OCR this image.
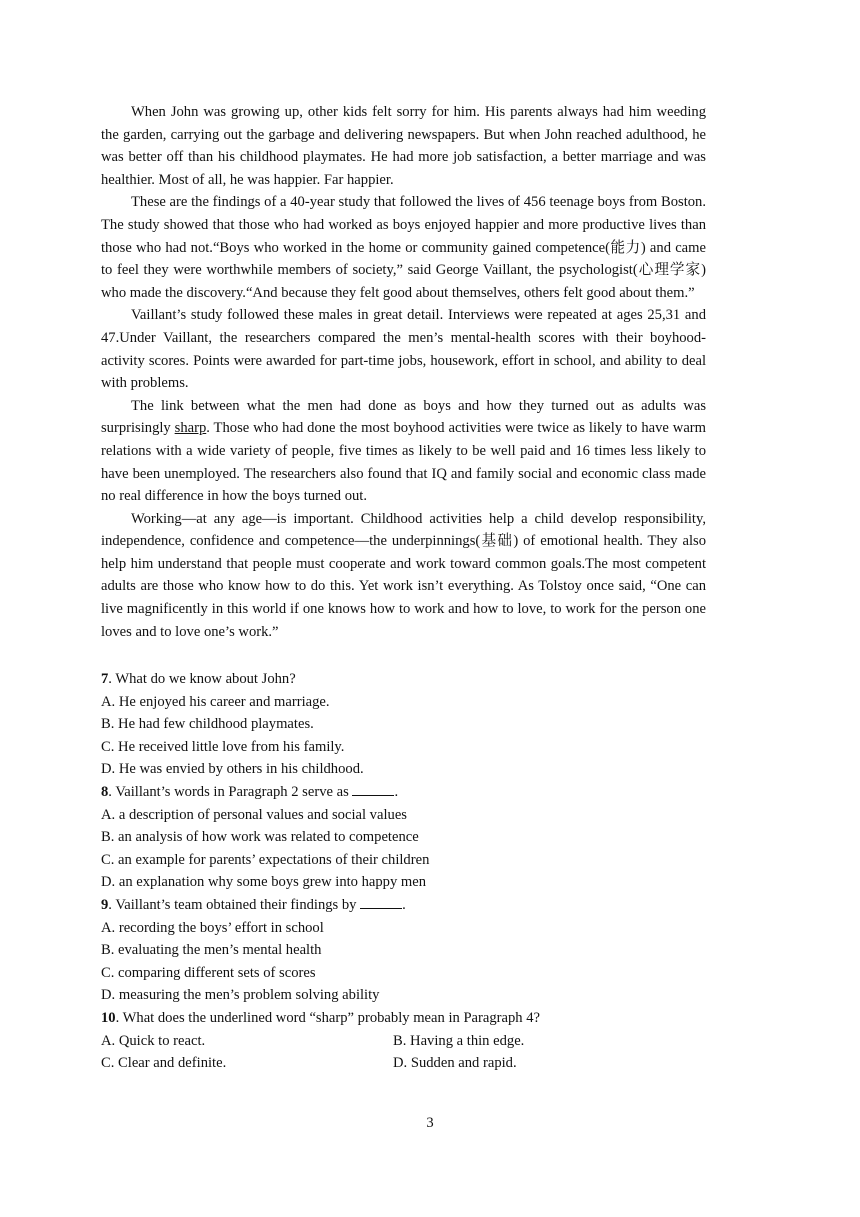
When John was growing up, other kids felt sorry for him. His parents always had him weeding the garden, carrying out the garbage and delivering newspapers. But when John reached adulthood, he was better off than his childhood playmates. He had more job satisfaction, a better marriage and was healthier. Most of all, he was happier. Far happier.

These are the findings of a 40-year study that followed the lives of 456 teenage boys from Boston. The study showed that those who had worked as boys enjoyed happier and more productive lives than those who had not.“Boys who worked in the home or community gained competence(能力) and came to feel they were worthwhile members of society,” said George Vaillant, the psychologist(心理学家) who made the discovery.“And because they felt good about themselves, others felt good about them.”

Vaillant’s study followed these males in great detail. Interviews were repeated at ages 25,31 and 47.Under Vaillant, the researchers compared the men’s mental-health scores with their boyhood-activity scores. Points were awarded for part-time jobs, housework, effort in school, and ability to deal with problems.

The link between what the men had done as boys and how they turned out as adults was surprisingly sharp. Those who had done the most boyhood activities were twice as likely to have warm relations with a wide variety of people, five times as likely to be well paid and 16 times less likely to have been unemployed. The researchers also found that IQ and family social and economic class made no real difference in how the boys turned out.

Working—at any age—is important. Childhood activities help a child develop responsibility, independence, confidence and competence—the underpinnings(基础) of emotional health. They also help him understand that people must cooperate and work toward common goals.The most competent adults are those who know how to do this. Yet work isn’t everything. As Tolstoy once said, “One can live magnificently in this world if one knows how to work and how to love, to work for the person one loves and to love one’s work.”

7. What do we know about John?

A. He enjoyed his career and marriage.

B. He had few childhood playmates.

C. He received little love from his family.

D. He was envied by others in his childhood.

8. Vaillant’s words in Paragraph 2 serve as	.

A. a description of personal values and social values

B. an analysis of how work was related to competence

C. an example for parents’ expectations of their children

D. an explanation why some boys grew into happy men

9. Vaillant’s team obtained their findings by	.

A. recording the boys’ effort in school

B. evaluating the men’s mental health

C. comparing different sets of scores

D. measuring the men’s problem solving ability

10. What does the underlined word “sharp” probably mean in Paragraph 4?

A. Quick to react.	B. Having a thin edge.

C. Clear and definite.	D. Sudden and rapid.

3
